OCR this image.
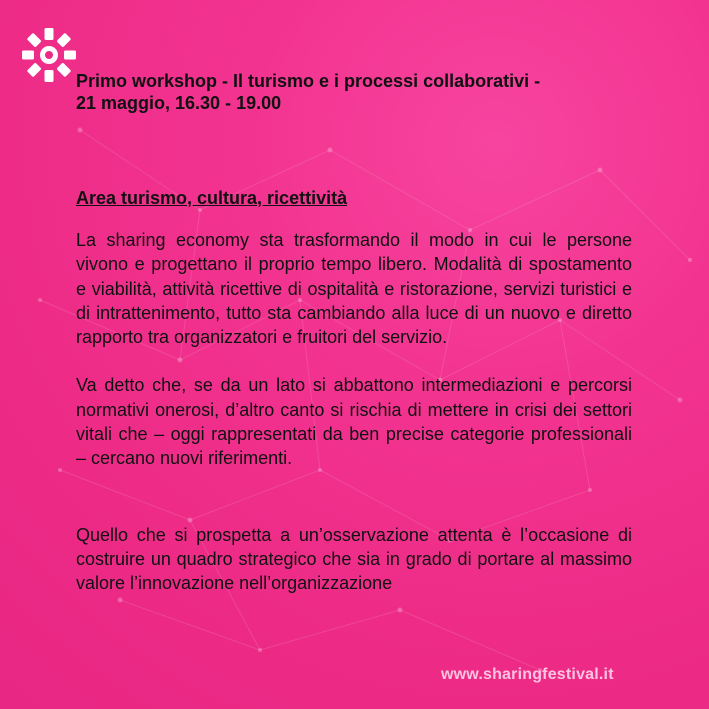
Primo workshop - Il turismo e i processi collaborativi -
21 maggio, 16.30 - 19.00

Area turismo, cultura, ricettività

La sharing economy sta trasformando il modo in cui le persone vivono e progettano il proprio tempo libero. Modalità di spostamento e viabilità, attività ricettive di ospitalità e ristorazione, servizi turistici e di intrattenimento, tutto sta cambiando alla luce di un nuovo e diretto rapporto tra organizzatori e fruitori del servizio.

Va detto che, se da un lato si abbattono intermediazioni e percorsi normativi onerosi, d’altro canto si rischia di mettere in crisi dei settori vitali che – oggi rappresentati da ben precise categorie professionali – cercano nuovi riferimenti.

Quello che si prospetta a un’osservazione attenta è l’occasione di costruire un quadro strategico che sia in grado di portare al massimo valore l’innovazione nell’organizzazione

www.sharingfestival.it
